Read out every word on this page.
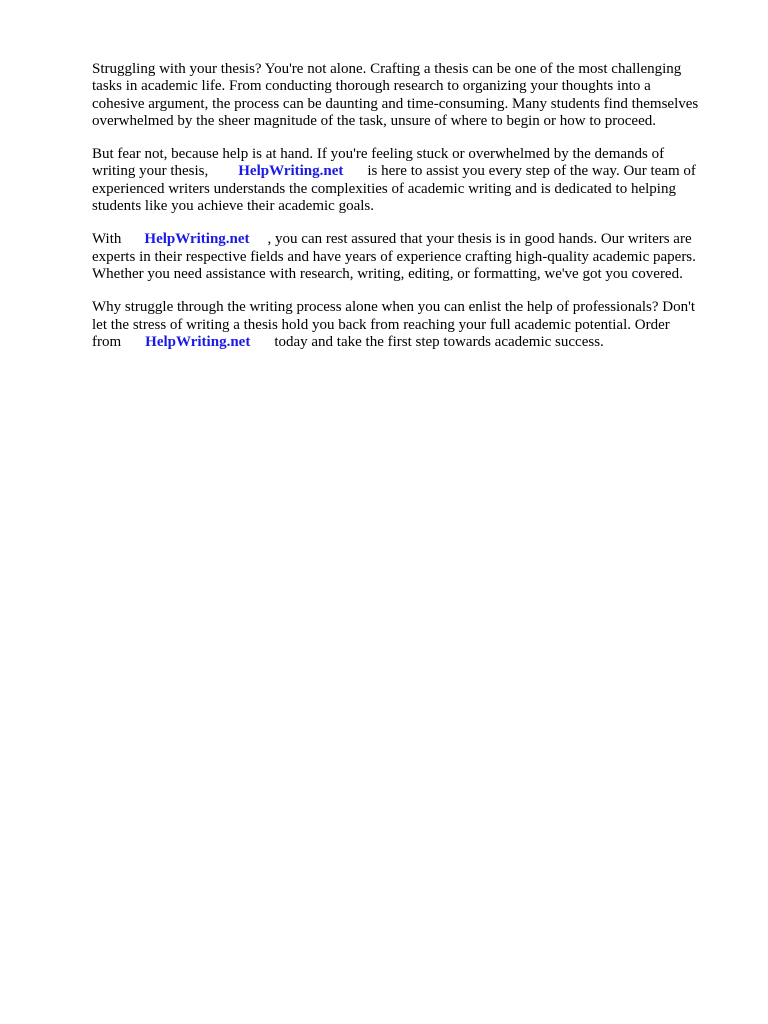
Struggling with your thesis? You're not alone. Crafting a thesis can be one of the most challenging
tasks in academic life. From conducting thorough research to organizing your thoughts into a
cohesive argument, the process can be daunting and time-consuming. Many students find themselves
overwhelmed by the sheer magnitude of the task, unsure of where to begin or how to proceed.

But fear not, because help is at hand. If you're feeling stuck or overwhelmed by the demands of
writing your thesis, HelpWriting.net is here to assist you every step of the way. Our team of
experienced writers understands the complexities of academic writing and is dedicated to helping
students like you achieve their academic goals.

With HelpWriting.net , you can rest assured that your thesis is in good hands. Our writers are
experts in their respective fields and have years of experience crafting high-quality academic papers.
Whether you need assistance with research, writing, editing, or formatting, we've got you covered.

Why struggle through the writing process alone when you can enlist the help of professionals? Don't
let the stress of writing a thesis hold you back from reaching your full academic potential. Order
from HelpWriting.net today and take the first step towards academic success.
